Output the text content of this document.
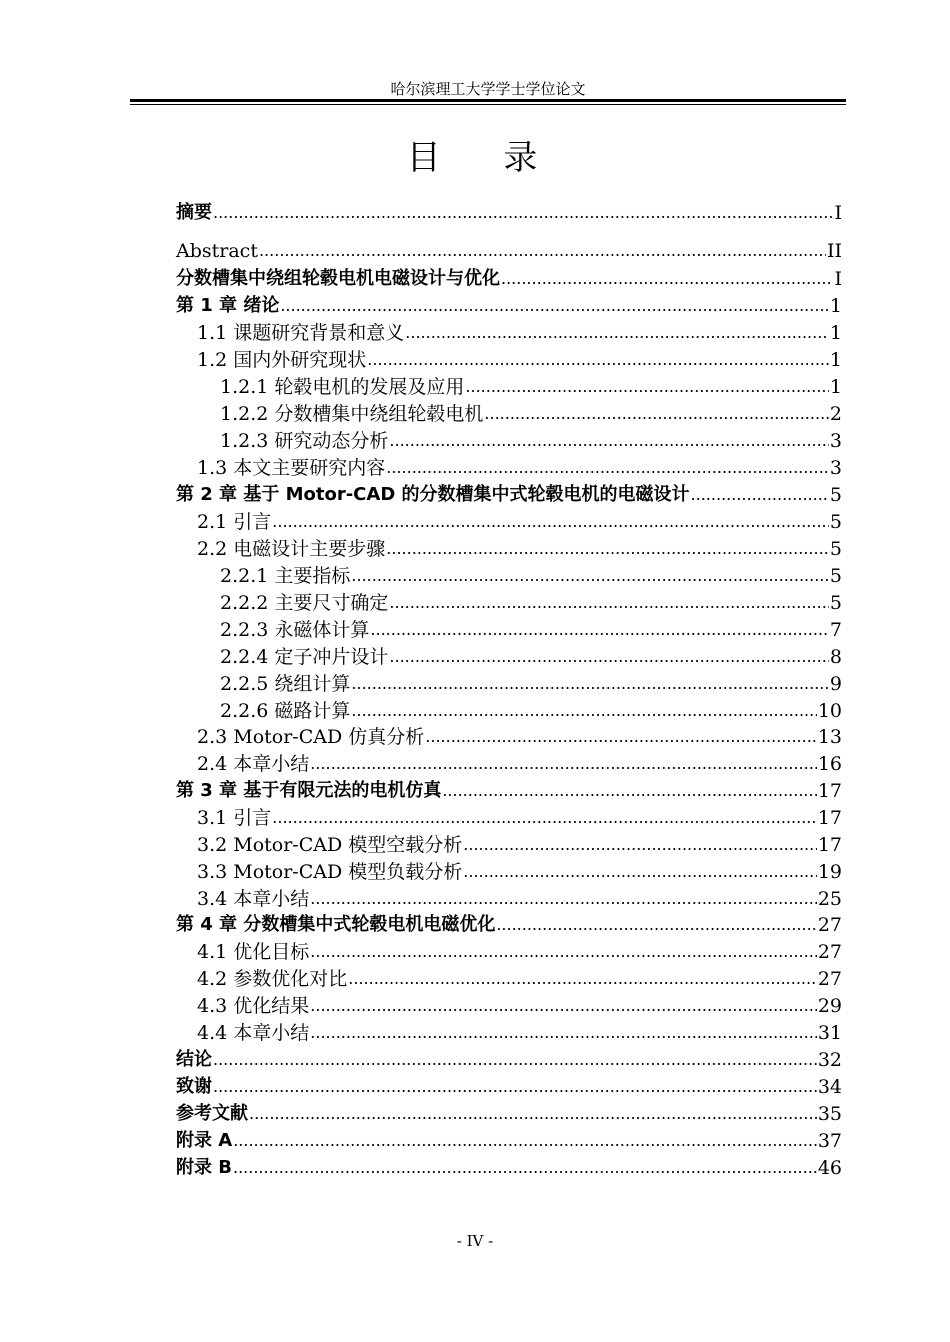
哈尔滨理工大学学士学位论文
目 录
摘要 .....	I
Abstract .....	II
分数槽集中绕组轮毂电机电磁设计与优化 .....	I
第 1 章 绪论 .....	1
1.1 课题研究背景和意义 .....	1
1.2 国内外研究现状 .....	1
1.2.1 轮毂电机的发展及应用 .....	1
1.2.2 分数槽集中绕组轮毂电机 .....	2
1.2.3 研究动态分析 .....	3
1.3 本文主要研究内容 .....	3
第 2 章 基于 Motor-CAD 的分数槽集中式轮毂电机的电磁设计 .....	5
2.1 引言 .....	5
2.2 电磁设计主要步骤 .....	5
2.2.1 主要指标 .....	5
2.2.2 主要尺寸确定 .....	5
2.2.3 永磁体计算 .....	7
2.2.4 定子冲片设计 .....	8
2.2.5 绕组计算 .....	9
2.2.6 磁路计算 .....	10
2.3 Motor-CAD 仿真分析 .....	13
2.4 本章小结 .....	16
第 3 章 基于有限元法的电机仿真 .....	17
3.1 引言 .....	17
3.2 Motor-CAD 模型空载分析 .....	17
3.3 Motor-CAD 模型负载分析 .....	19
3.4 本章小结 .....	25
第 4 章 分数槽集中式轮毂电机电磁优化 .....	27
4.1 优化目标 .....	27
4.2 参数优化对比 .....	27
4.3 优化结果 .....	29
4.4 本章小结 .....	31
结论 .....	32
致谢 .....	34
参考文献 .....	35
附录 A .....	37
附录 B .....	46
- IV -
